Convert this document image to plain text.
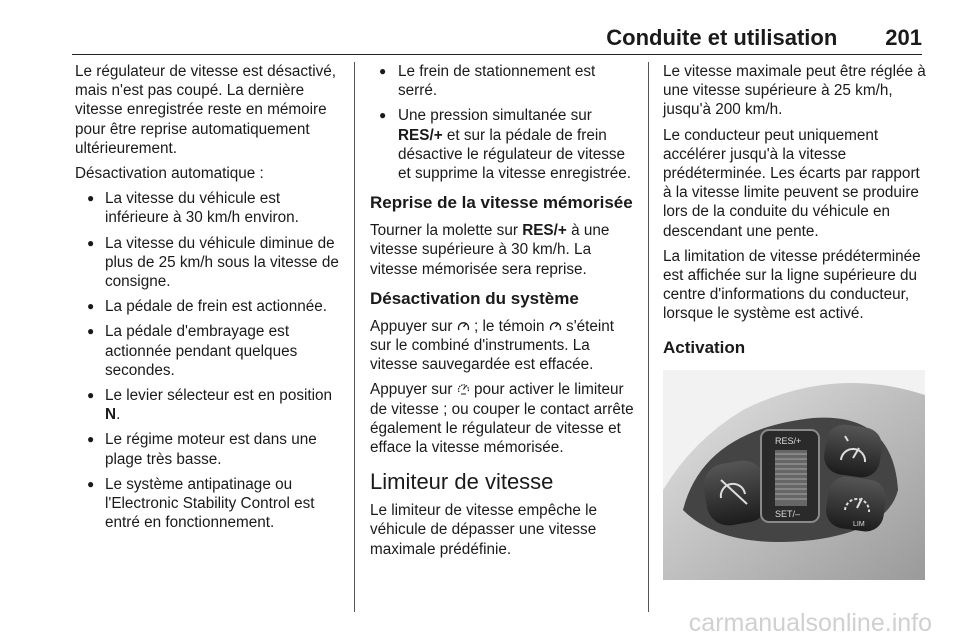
Conduite et utilisation 201

Le régulateur de vitesse est désactivé, mais n'est pas coupé. La dernière vitesse enregistrée reste en mémoire pour être reprise automatiquement ultérieurement.

Désactivation automatique :

● La vitesse du véhicule est inférieure à 30 km/h environ.
● La vitesse du véhicule diminue de plus de 25 km/h sous la vitesse de consigne.
● La pédale de frein est actionnée.
● La pédale d'embrayage est actionnée pendant quelques secondes.
● Le levier sélecteur est en position N.
● Le régime moteur est dans une plage très basse.
● Le système antipatinage ou l'Electronic Stability Control est entré en fonctionnement.
● Le frein de stationnement est serré.
● Une pression simultanée sur RES/+ et sur la pédale de frein désactive le régulateur de vitesse et supprime la vitesse enregistrée.
Reprise de la vitesse mémorisée

Tourner la molette sur RES/+ à une vitesse supérieure à 30 km/h. La vitesse mémorisée sera reprise.

Désactivation du système

Appuyer sur  ; le témoin  s'éteint sur le combiné d'instruments. La vitesse sauvegardée est effacée.

Appuyer sur  pour activer le limiteur de vitesse ; ou couper le contact arrête également le régulateur de vitesse et efface la vitesse mémorisée.

Limiteur de vitesse

Le limiteur de vitesse empêche le véhicule de dépasser une vitesse maximale prédéfinie.

Le vitesse maximale peut être réglée à une vitesse supérieure à 25 km/h, jusqu'à 200 km/h.

Le conducteur peut uniquement accélérer jusqu'à la vitesse prédéterminée. Les écarts par rapport à la vitesse limite peuvent se produire lors de la conduite du véhicule en descendant une pente.

La limitation de vitesse prédéterminée est affichée sur la ligne supérieure du centre d'informations du conducteur, lorsque le système est activé.

Activation
RES/+
SET/–
LIM
carmanualsonline.info
